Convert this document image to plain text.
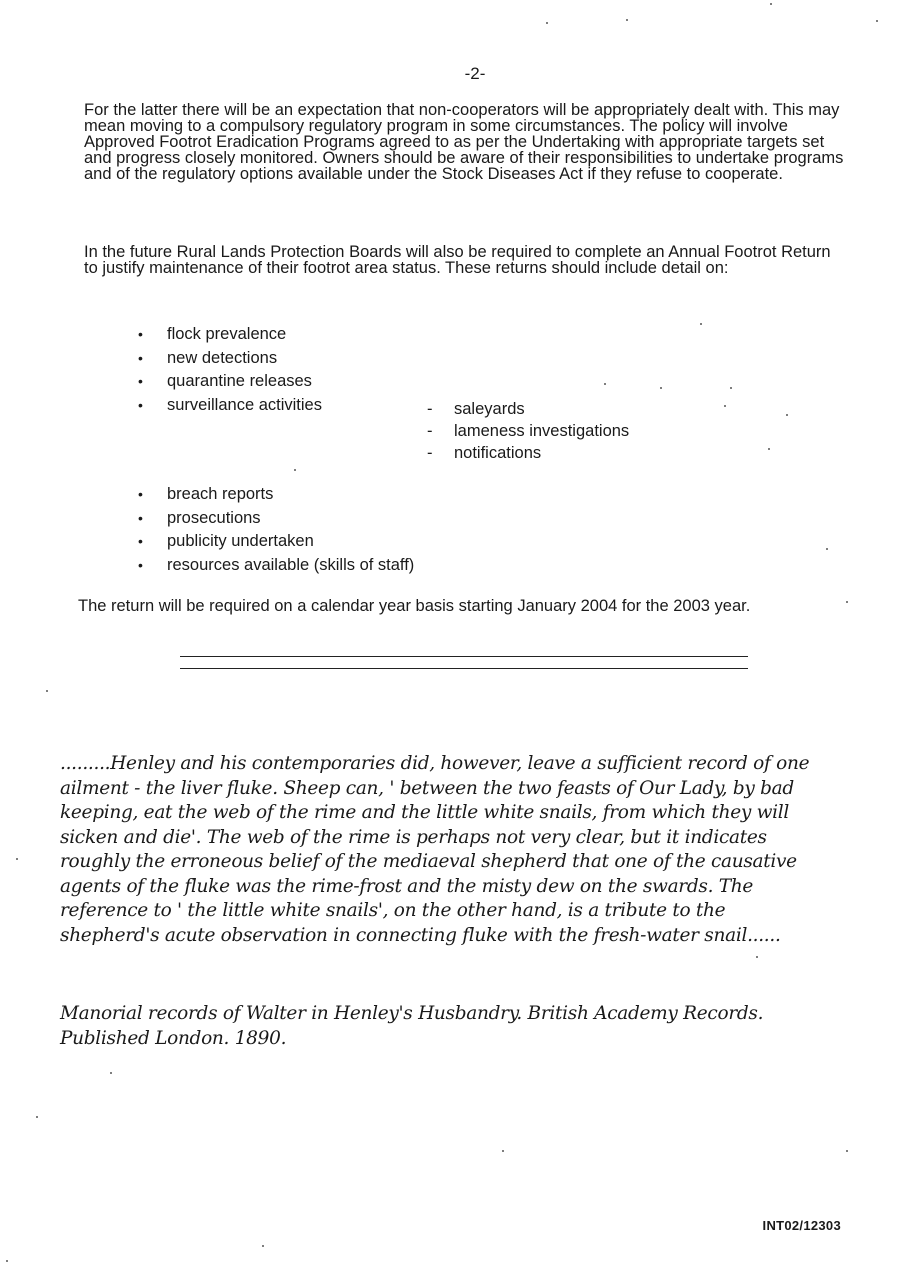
-2-

For the latter there will be an expectation that non-cooperators will be appropriately dealt with. This may mean moving to a compulsory regulatory program in some circumstances. The policy will involve Approved Footrot Eradication Programs agreed to as per the Undertaking with appropriate targets set and progress closely monitored. Owners should be aware of their responsibilities to undertake programs and of the regulatory options available under the Stock Diseases Act if they refuse to cooperate.

In the future Rural Lands Protection Boards will also be required to complete an Annual Footrot Return to justify maintenance of their footrot area status. These returns should include detail on:

• flock prevalence
• new detections
• quarantine releases
• surveillance activities
-	saleyards
- lameness investigations
- notifications
• breach reports
• prosecutions
• publicity undertaken
• resources available (skills of staff)

The return will be required on a calendar year basis starting January 2004 for the 2003 year.

.........Henley and his contemporaries did, however, leave a sufficient record of one ailment - the liver fluke. Sheep can, ' between the two feasts of Our Lady, by bad keeping, eat the web of the rime and the little white snails, from which they will sicken and die'. The web of the rime is perhaps not very clear, but it indicates roughly the erroneous belief of the mediaeval shepherd that one of the causative agents of the fluke was the rime-frost and the misty dew on the swards. The reference to ' the little white snails', on the other hand, is a tribute to the shepherd's acute observation in connecting fluke with the fresh-water snail......

Manorial records of Walter in Henley's Husbandry. British Academy Records. Published London. 1890.

INT02/12303
